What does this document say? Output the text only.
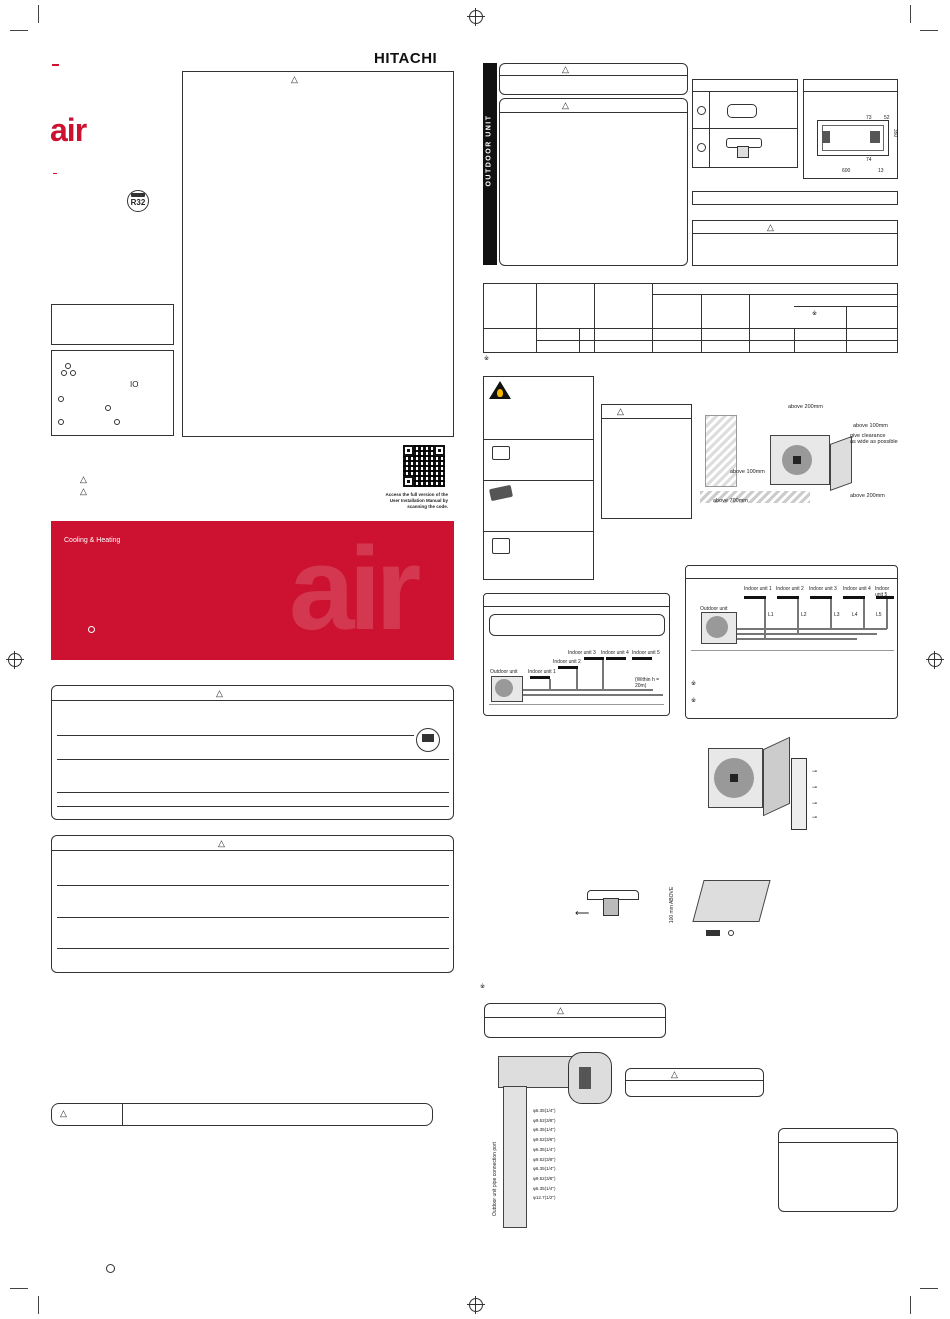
HITACHI
air
R32
△
IO
△
△	Access the full version of the
User Installation Manual by
scanning the code.
Cooling & Heating air
△
△
△
OUTDOOR UNIT
△
△
73 52
600
350
74
13
△
※
※
△	above 200mm
above 100mm
give clearance
as wide as possible
above 100mm
above 700mm
above 200mm
Outdoor unit
Indoor unit 1 Indoor unit 2 Indoor unit 3 Indoor unit 4 Indoor unit 5
L1	L2	L3 L4	L5
※
※
Outdoor unit Indoor unit 1
Indoor unit 2
Indoor unit 3 Indoor unit 4 Indoor unit 5
(Within h = 20m)
⊸
⊸
⊸
⊸
⟵	100 mm ABOVE
※
△
Outdoor unit pipe connection port
φ6.35(1/4")
φ9.52(3/8")
φ6.35(1/4")
φ9.52(3/8")
φ6.35(1/4")
φ9.52(3/8")
φ6.35(1/4")
φ9.52(3/8")
φ6.35(1/4")
φ12.7(1/2")
△
